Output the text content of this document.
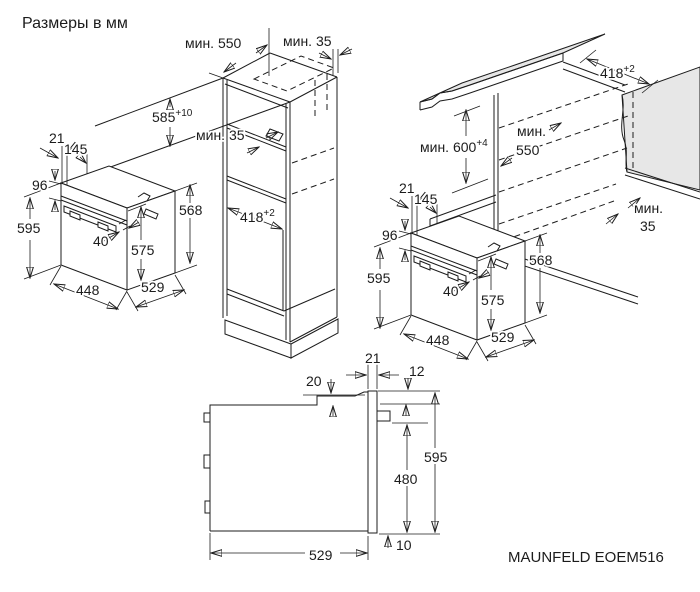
Размеры в мм
MAUNFELD EOEM516
мин. 550	мин. 35
$585^{+10}$
мин. 35
$418^{+2}$
мин. $600^{+4}$
мин.
550
$418^{+2}$
мин.
35
21
145
96
595
40
448
575
529
568
21
145
96
595
40
448
575
529
568
21
12
20
595
480
10
529
